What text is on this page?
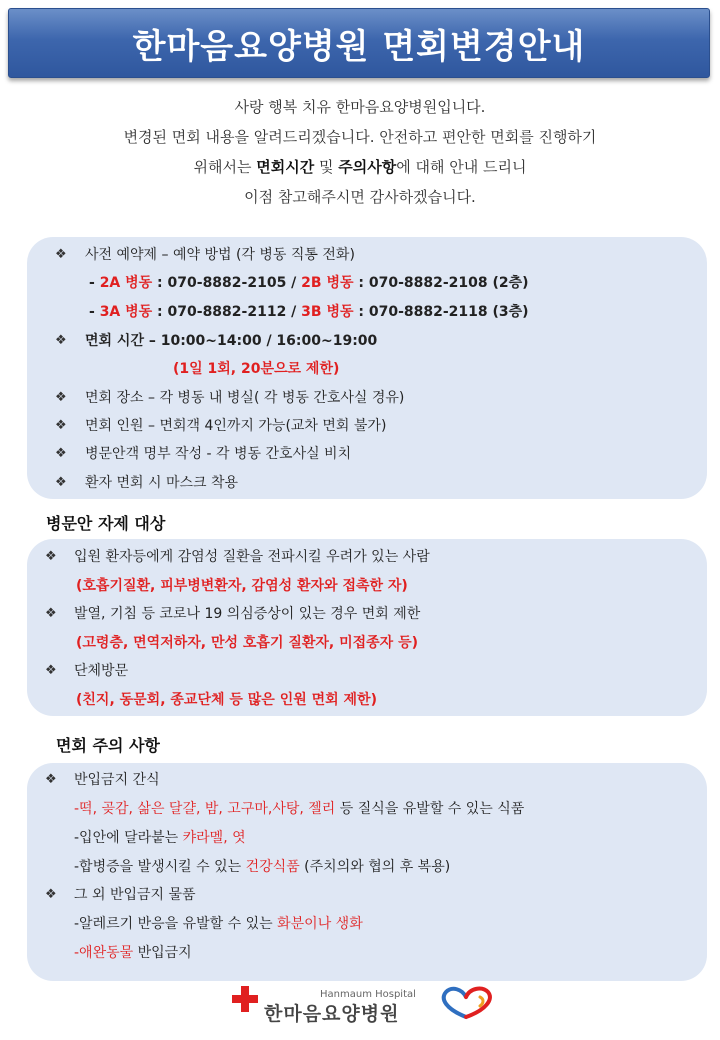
한마음요양병원 면회변경안내
사랑 행복 치유 한마음요양병원입니다.
변경된 면회 내용을 알려드리겠습니다. 안전하고 편안한 면회를 진행하기
위해서는 면회시간 및 주의사항에 대해 안내 드리니
이점 참고해주시면 감사하겠습니다.
❖ 사전 예약제 – 예약 방법 (각 병동 직통 전화)
- 2A 병동 : 070-8882-2105 / 2B 병동 : 070-8882-2108 (2층)
- 3A 병동 : 070-8882-2112 / 3B 병동 : 070-8882-2118 (3층)
❖ 면회 시간 – 10:00~14:00 / 16:00~19:00
(1일 1회, 20분으로 제한)
❖ 면회 장소 – 각 병동 내 병실( 각 병동 간호사실 경유)
❖ 면회 인원 – 면회객 4인까지 가능(교차 면회 불가)
❖ 병문안객 명부 작성 - 각 병동 간호사실 비치
❖ 환자 면회 시 마스크 착용
병문안 자제 대상
❖ 입원 환자등에게 감염성 질환을 전파시킬 우려가 있는 사람
(호흡기질환, 피부병변환자, 감염성 환자와 접촉한 자)
❖ 발열, 기침 등 코로나 19 의심증상이 있는 경우 면회 제한
(고령층, 면역저하자, 만성 호흡기 질환자, 미접종자 등)
❖ 단체방문
(친지, 동문회, 종교단체 등 많은 인원 면회 제한)
면회 주의 사항
❖ 반입금지 간식
-떡, 곶감, 삶은 달걀, 밤, 고구마,사탕, 젤리 등 질식을 유발할 수 있는 식품
-입안에 달라붙는 캬라멜, 엿
-합병증을 발생시킬 수 있는 건강식품 (주치의와 협의 후 복용)
❖ 그 외 반입금지 물품
-알레르기 반응을 유발할 수 있는 화분이나 생화
-애완동물 반입금지
Hanmaum Hospital
한마음요양병원
